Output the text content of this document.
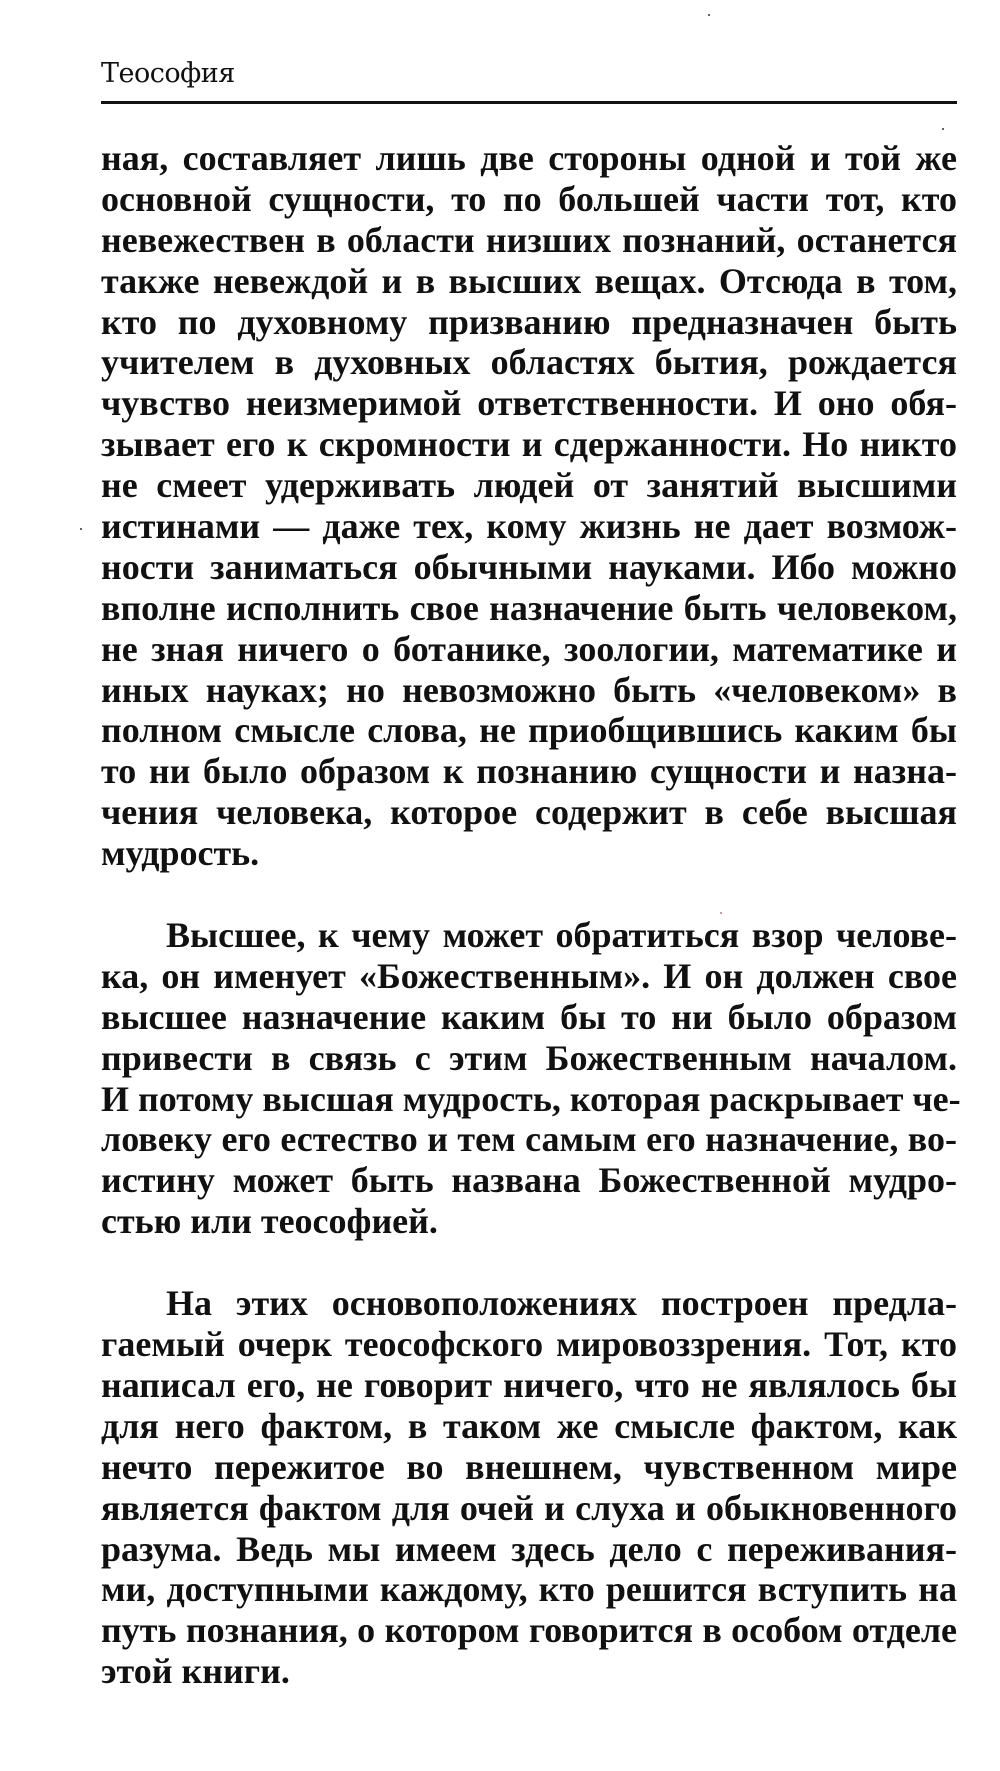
Теософия
ная, составляет лишь две стороны одной и той же
основной сущности, то по большей части тот, кто
невежествен в области низших познаний, останется
также невеждой и в высших вещах. Отсюда в том,
кто по духовному призванию предназначен быть
учителем в духовных областях бытия, рождается
чувство неизмеримой ответственности. И оно обя-
зывает его к скромности и сдержанности. Но никто
не смеет удерживать людей от занятий высшими
истинами — даже тех, кому жизнь не дает возмож-
ности заниматься обычными науками. Ибо можно
вполне исполнить свое назначение быть человеком,
не зная ничего о ботанике, зоологии, математике и
иных науках; но невозможно быть «человеком» в
полном смысле слова, не приобщившись каким бы
то ни было образом к познанию сущности и назна-
чения человека, которое содержит в себе высшая
мудрость.
Высшее, к чему может обратиться взор челове-
ка, он именует «Божественным». И он должен свое
высшее назначение каким бы то ни было образом
привести в связь с этим Божественным началом.
И потому высшая мудрость, которая раскрывает че-
ловеку его естество и тем самым его назначение, во-
истину может быть названа Божественной мудро-
стью или теософией.
На этих основоположениях построен предла-
гаемый очерк теософского мировоззрения. Тот, кто
написал его, не говорит ничего, что не являлось бы
для него фактом, в таком же смысле фактом, как
нечто пережитое во внешнем, чувственном мире
является фактом для очей и слуха и обыкновенного
разума. Ведь мы имеем здесь дело с переживания-
ми, доступными каждому, кто решится вступить на
путь познания, о котором говорится в особом отделе
этой книги.
